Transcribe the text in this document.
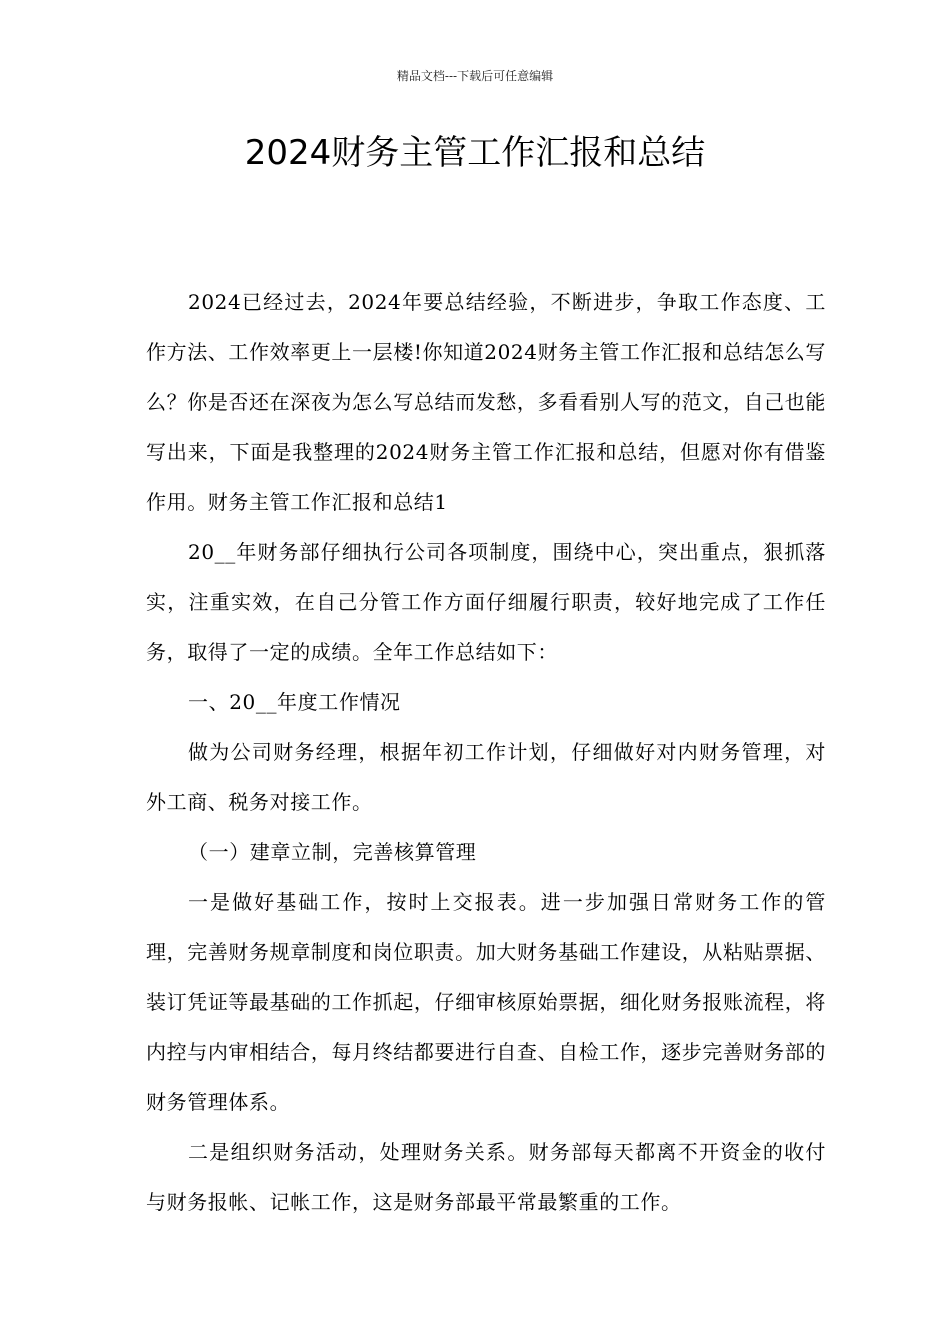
精品文档---下载后可任意编辑
2024财务主管工作汇报和总结

2024已经过去，2024年要总结经验，不断进步，争取工作态度、工作方法、工作效率更上一层楼!你知道2024财务主管工作汇报和总结怎么写么？你是否还在深夜为怎么写总结而发愁，多看看别人写的范文，自己也能写出来，下面是我整理的2024财务主管工作汇报和总结，但愿对你有借鉴作用。财务主管工作汇报和总结1

20__年财务部仔细执行公司各项制度，围绕中心，突出重点，狠抓落实，注重实效，在自己分管工作方面仔细履行职责，较好地完成了工作任务，取得了一定的成绩。全年工作总结如下：

一、20__年度工作情况

做为公司财务经理，根据年初工作计划，仔细做好对内财务管理，对外工商、税务对接工作。

（一）建章立制，完善核算管理

一是做好基础工作，按时上交报表。进一步加强日常财务工作的管理，完善财务规章制度和岗位职责。加大财务基础工作建设，从粘贴票据、装订凭证等最基础的工作抓起，仔细审核原始票据，细化财务报账流程，将内控与内审相结合，每月终结都要进行自查、自检工作，逐步完善财务部的财务管理体系。

二是组织财务活动，处理财务关系。财务部每天都离不开资金的收付与财务报帐、记帐工作，这是财务部最平常最繁重的工作。
